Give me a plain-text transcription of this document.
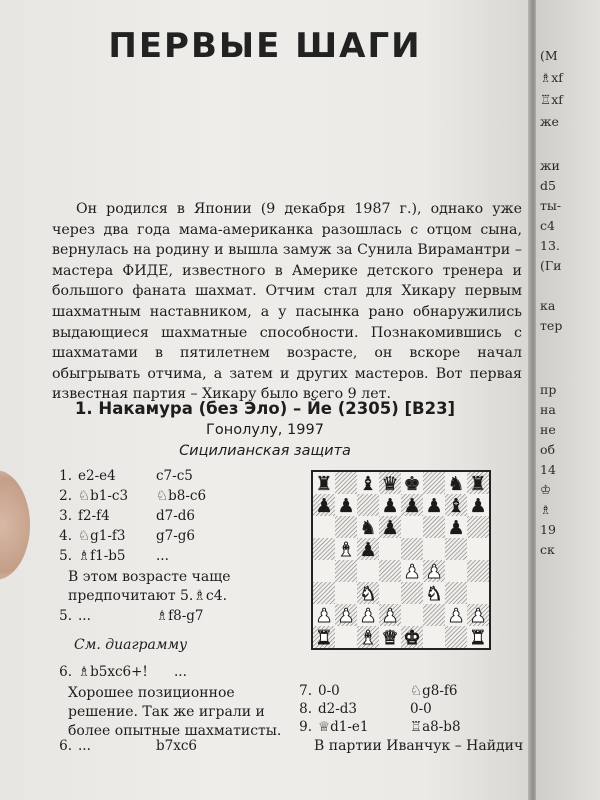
ПЕРВЫЕ ШАГИ
Он родился в Японии (9 декабря 1987 г.), однако уже через два года мама-американка разошлась с отцом сына, вернулась на родину и вышла замуж за Сунила Вирамантри – мастера ФИДЕ, известного в Америке детского тренера и большого фаната шахмат. Отчим стал для Хикару первым шахматным наставником, а у пасынка рано обнаружились выдающиеся шахматные способности. Познакомившись с шахматами в пятилетнем возрасте, он вскоре начал обыгрывать отчима, а затем и других мастеров. Вот первая известная партия – Хикару было всего 9 лет.
1. Накамура (без Эло) – Йе (2305) [B23]
Гонолулу, 1997
Сицилианская защита
1. e2-e4	c7-c5
2. ♘b1-c3 ♘b8-c6
3. f2-f4	d7-d6
4. ♘g1-f3 g7-g6
5. ♗f1-b5 ...
В этом возрасте чаще предпочитают 5.♗c4.
5. ...	♗f8-g7
См. диаграмму
6. ♗b5xc6+! ...
Хорошее позиционное решение. Так же играли и более опытные шахматисты.
6. ...	b7xc6
7. 0-0	♘g8-f6
8. d2-d3	0-0
9. ♕d1-e1	♖a8-b8
В партии Иванчук – Найдич
♜ ♝ ♛ ♚ ♞ ♜
♟ ♟ ♟ ♟ ♟ ♝ ♟
♞ ♟	♟
♝ ♟
♟ ♟
♞	♞
♟ ♟ ♟ ♟	♟ ♟
♜ ♝ ♛ ♚	♜
(М
♗xf
♖xf
же
жи
d5
ты-
c4
13.
(Ги
ка
тер
пр
на
не
об
14
♔
♗
19
ск
